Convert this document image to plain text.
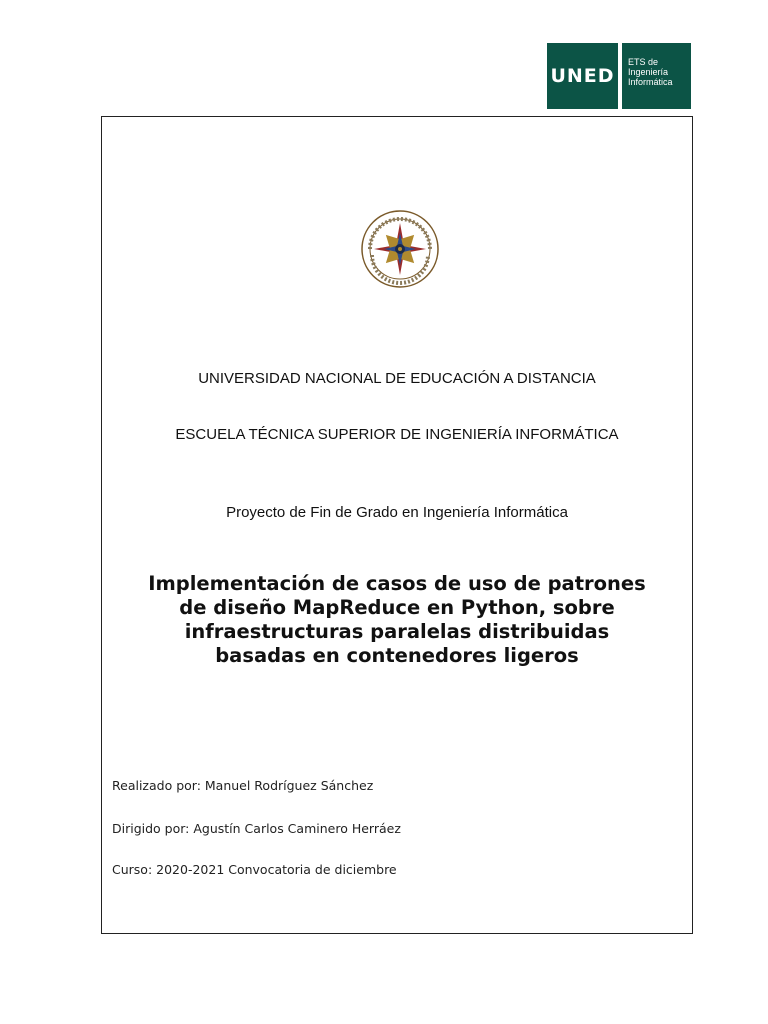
UNED
ETS de
Ingeniería
Informática
UNIVERSIDAD NACIONAL DE EDUCACIÓN A DISTANCIA
ESCUELA TÉCNICA SUPERIOR DE INGENIERÍA INFORMÁTICA
Proyecto de Fin de Grado en Ingeniería Informática
Implementación de casos de uso de patrones
de diseño MapReduce en Python, sobre
infraestructuras paralelas distribuidas
basadas en contenedores ligeros
Realizado por: Manuel Rodríguez Sánchez
Dirigido por: Agustín Carlos Caminero Herráez
Curso: 2020-2021 Convocatoria de diciembre
